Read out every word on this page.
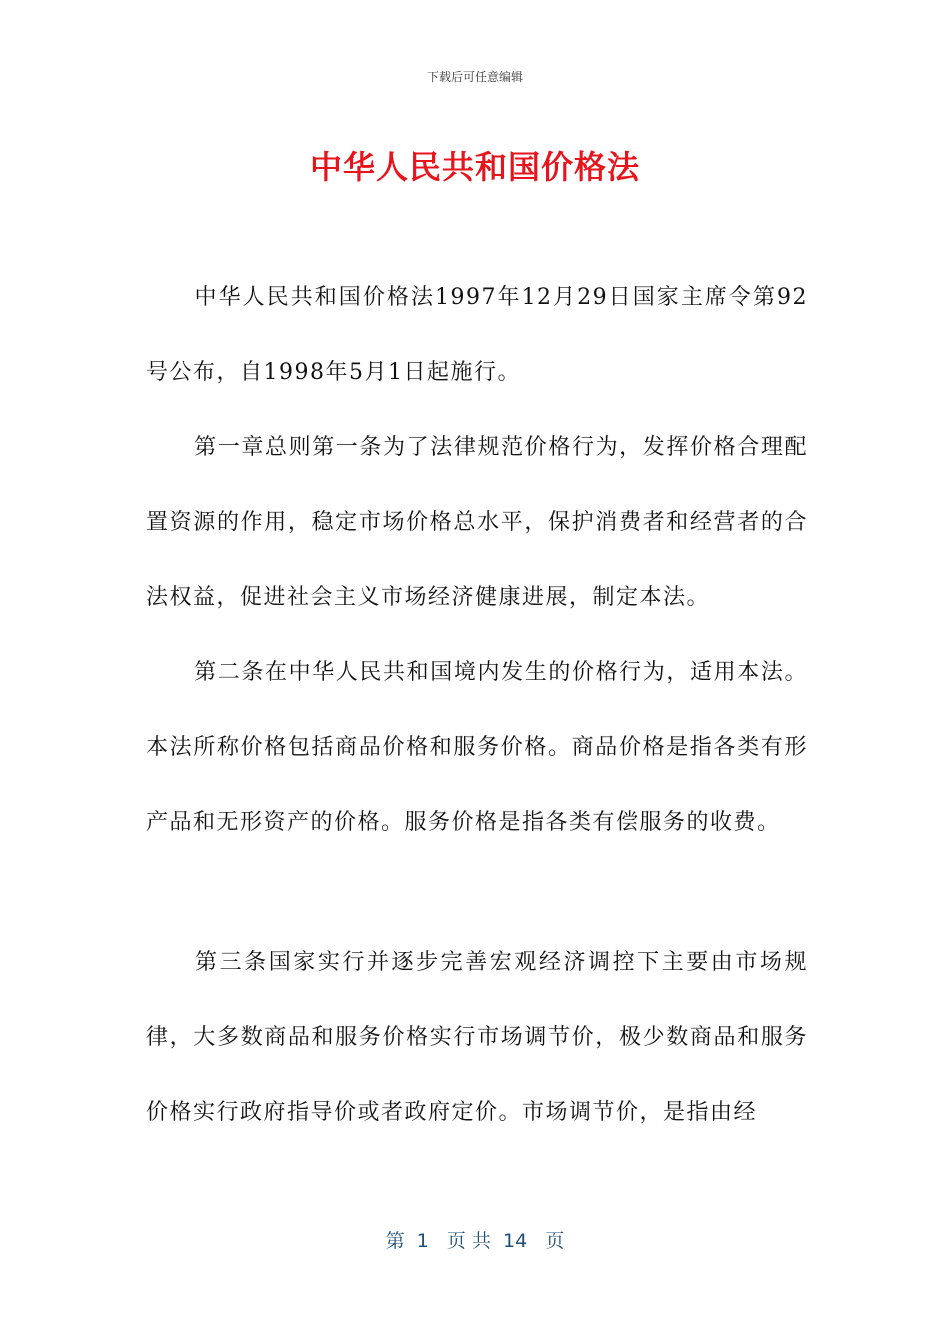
下载后可任意编辑
中华人民共和国价格法

中华人民共和国价格法1997年12月29日国家主席令第92号公布，自1998年5月1日起施行。

第一章总则第一条为了法律规范价格行为，发挥价格合理配置资源的作用，稳定市场价格总水平，保护消费者和经营者的合法权益，促进社会主义市场经济健康进展，制定本法。

第二条在中华人民共和国境内发生的价格行为，适用本法。本法所称价格包括商品价格和服务价格。商品价格是指各类有形产品和无形资产的价格。服务价格是指各类有偿服务的收费。

第三条国家实行并逐步完善宏观经济调控下主要由市场规律，大多数商品和服务价格实行市场调节价，极少数商品和服务价格实行政府指导价或者政府定价。市场调节价，是指由经

第  1   页 共  14   页
